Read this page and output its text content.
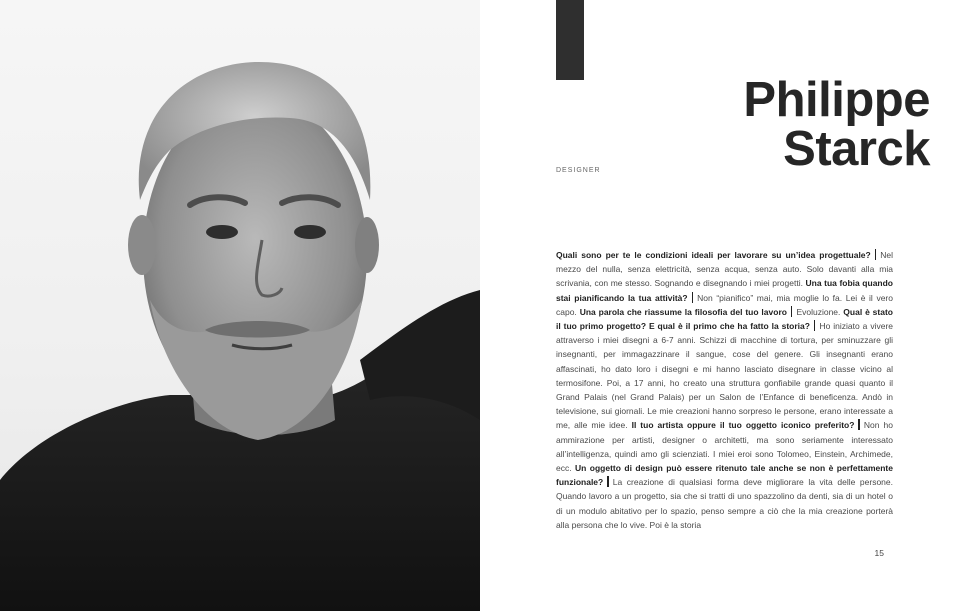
Philippe
Starck
DESIGNER

Quali sono per te le condizioni ideali per lavorare su un’idea progettuale? Nel mezzo del nulla, senza elettricità, senza acqua, senza auto. Solo davanti alla mia scrivania, con me stesso. Sognando e disegnando i miei progetti. Una tua fobia quando stai pianificando la tua attività? Non “pianifico” mai, mia moglie lo fa. Lei è il vero capo. Una parola che riassume la filosofia del tuo lavoro Evoluzione. Qual è stato il tuo primo progetto? E qual è il primo che ha fatto la storia? Ho iniziato a vivere attraverso i miei disegni a 6-7 anni. Schizzi di macchine di tortura, per sminuzzare gli insegnanti, per immagazzinare il sangue, cose del genere. Gli insegnanti erano affascinati, ho dato loro i disegni e mi hanno lasciato disegnare in classe vicino al termosifone. Poi, a 17 anni, ho creato una struttura gonfiabile grande quasi quanto il Grand Palais (nel Grand Palais) per un Salon de l’Enfance di beneficenza. Andò in televisione, sui giornali. Le mie creazioni hanno sorpreso le persone, erano interessate a me, alle mie idee. Il tuo artista oppure il tuo oggetto iconico preferito? Non ho ammirazione per artisti, designer o architetti, ma sono seriamente interessato all’intelligenza, quindi amo gli scienziati. I miei eroi sono Tolomeo, Einstein, Archimede, ecc. Un oggetto di design può essere ritenuto tale anche se non è perfettamente funzionale? La creazione di qualsiasi forma deve migliorare la vita delle persone. Quando lavoro a un progetto, sia che si tratti di uno spazzolino da denti, sia di un hotel o di un modulo abitativo per lo spazio, penso sempre a ciò che la mia creazione porterà alla persona che lo vive. Poi è la storia

15
